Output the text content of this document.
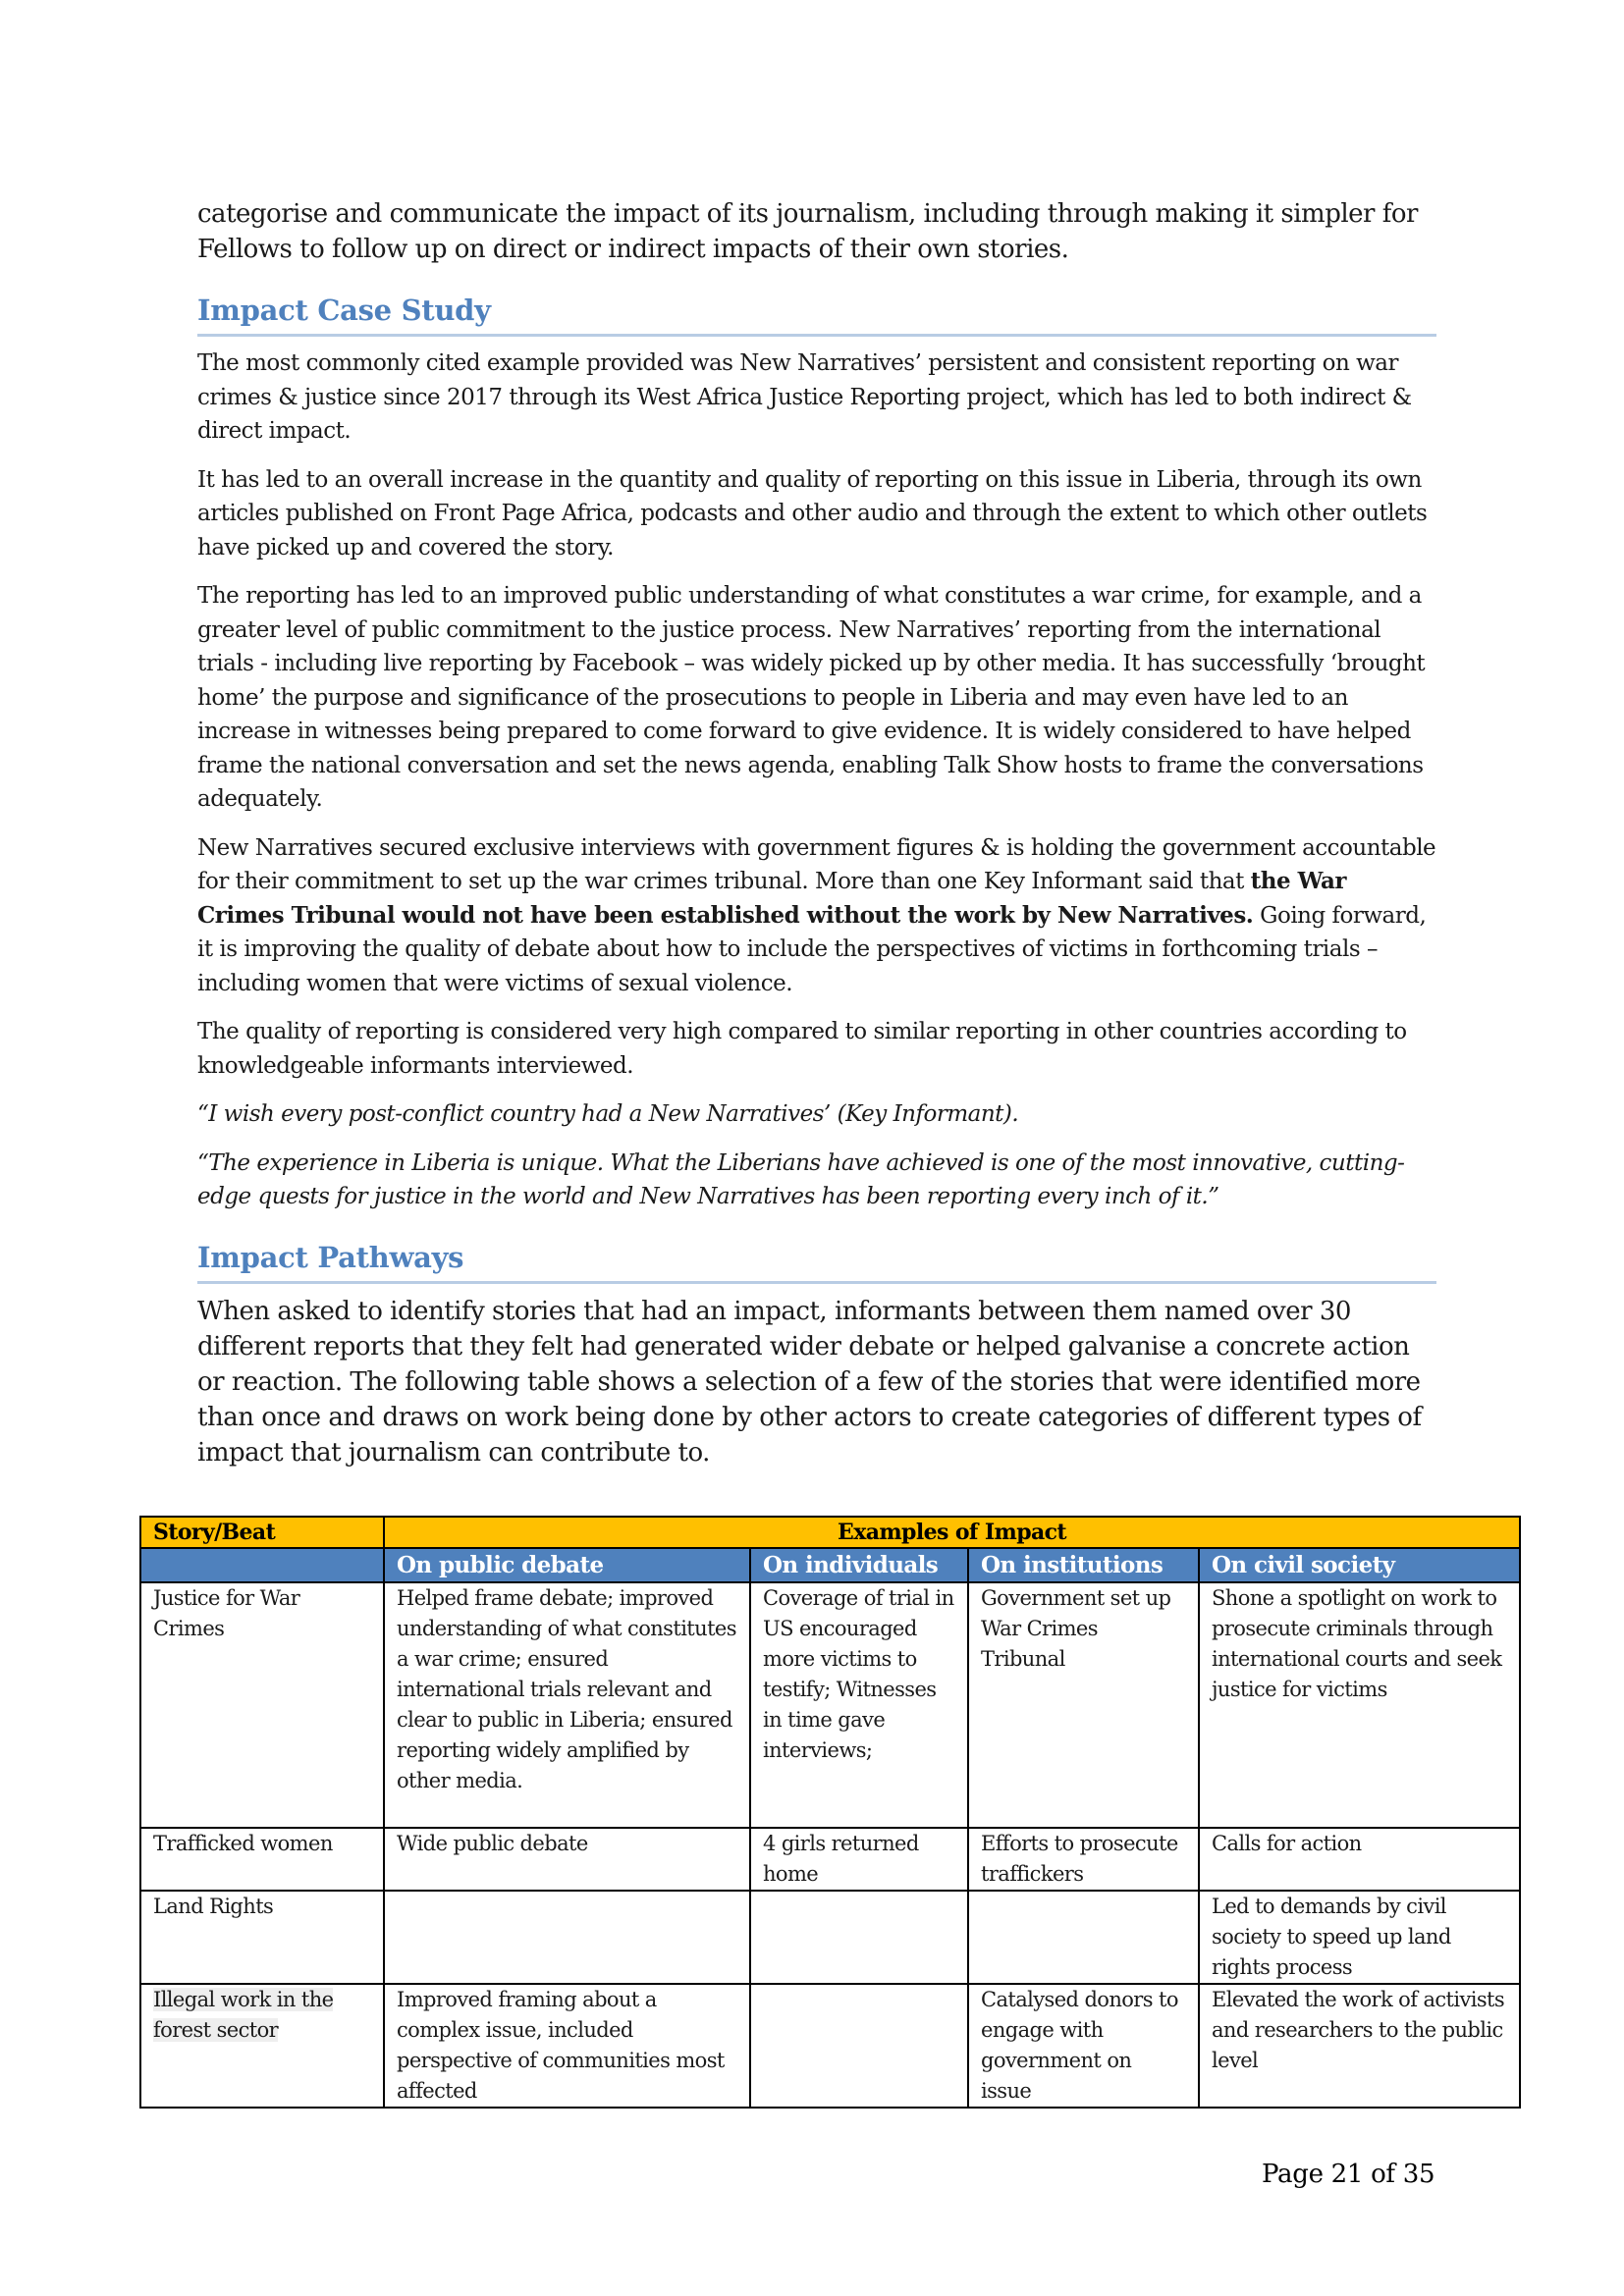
categorise and communicate the impact of its journalism, including through making it simpler for Fellows to follow up on direct or indirect impacts of their own stories.

Impact Case Study

The most commonly cited example provided was New Narratives’ persistent and consistent reporting on war crimes & justice since 2017 through its West Africa Justice Reporting project, which has led to both indirect & direct impact.

It has led to an overall increase in the quantity and quality of reporting on this issue in Liberia, through its own articles published on Front Page Africa, podcasts and other audio and through the extent to which other outlets have picked up and covered the story.

The reporting has led to an improved public understanding of what constitutes a war crime, for example, and a greater level of public commitment to the justice process. New Narratives’ reporting from the international trials - including live reporting by Facebook – was widely picked up by other media. It has successfully ‘brought home’ the purpose and significance of the prosecutions to people in Liberia and may even have led to an increase in witnesses being prepared to come forward to give evidence. It is widely considered to have helped frame the national conversation and set the news agenda, enabling Talk Show hosts to frame the conversations adequately.

New Narratives secured exclusive interviews with government figures & is holding the government accountable for their commitment to set up the war crimes tribunal. More than one Key Informant said that the War Crimes Tribunal would not have been established without the work by New Narratives. Going forward, it is improving the quality of debate about how to include the perspectives of victims in forthcoming trials – including women that were victims of sexual violence.

The quality of reporting is considered very high compared to similar reporting in other countries according to knowledgeable informants interviewed.

“I wish every post-conflict country had a New Narratives’ (Key Informant).

“The experience in Liberia is unique. What the Liberians have achieved is one of the most innovative, cutting-edge quests for justice in the world and New Narratives has been reporting every inch of it.”

Impact Pathways

When asked to identify stories that had an impact, informants between them named over 30 different reports that they felt had generated wider debate or helped galvanise a concrete action or reaction. The following table shows a selection of a few of the stories that were identified more than once and draws on work being done by other actors to create categories of different types of impact that journalism can contribute to.

Story/Beat	Examples of Impact			
	On public debate	On individuals	On institutions	On civil society
Justice for War Crimes	Helped frame debate; improved understanding of what constitutes a war crime; ensured international trials relevant and clear to public in Liberia; ensured reporting widely amplified by other media.	Coverage of trial in US encouraged more victims to testify; Witnesses in time gave interviews;	Government set up War Crimes Tribunal	Shone a spotlight on work to prosecute criminals through international courts and seek justice for victims
Trafficked women	Wide public debate	4 girls returned home	Efforts to prosecute traffickers	Calls for action
Land Rights				Led to demands by civil society to speed up land rights process
Illegal work in the forest sector	Improved framing about a complex issue, included perspective of communities most affected		Catalysed donors to engage with government on issue	Elevated the work of activists and researchers to the public level
Page 21 of 35
